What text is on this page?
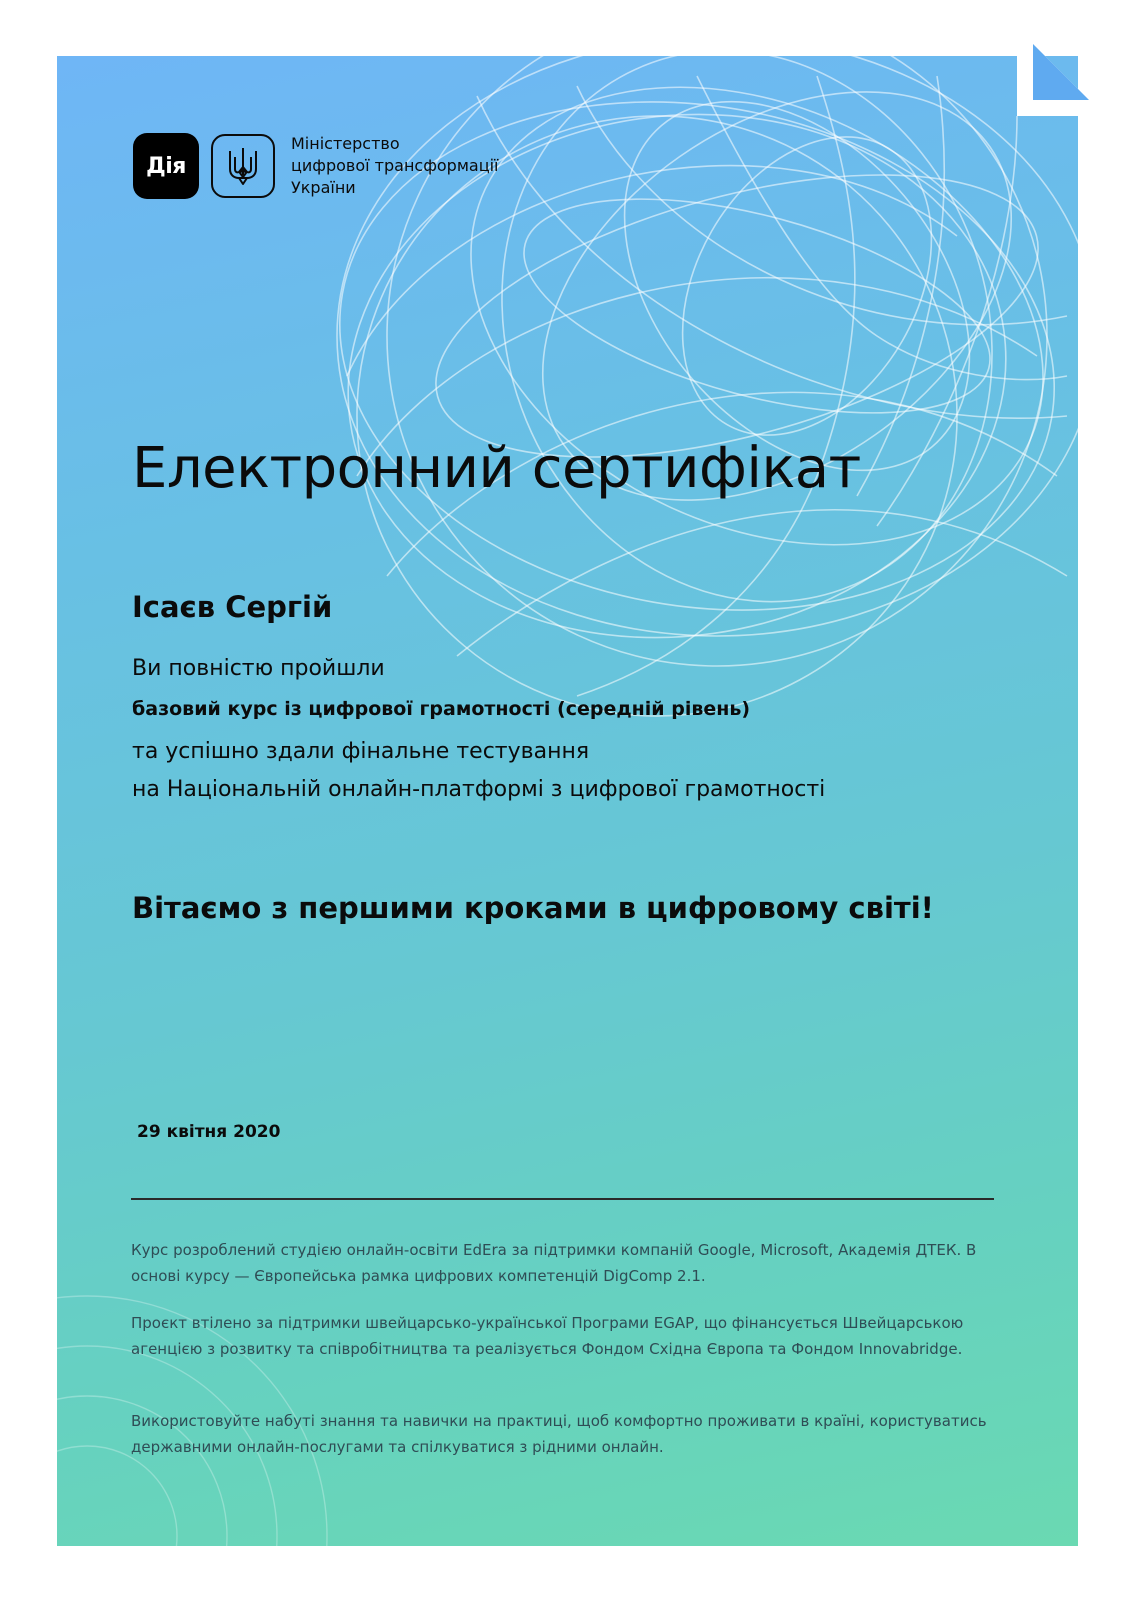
Дія
Міністерство
цифрової трансформації
України
Електронний сертифікат
Ісаєв Сергій
Ви повністю пройшли
базовий курс із цифрової грамотності (середній рівень)
та успішно здали фінальне тестування
на Національній онлайн-платформі з цифрової грамотності
Вітаємо з першими кроками в цифровому світі!
29 квітня 2020
Курс розроблений студією онлайн-освіти EdEra за підтримки компаній Google, Microsoft, Академія ДТЕК. В основі курсу — Європейська рамка цифрових компетенцій DigComp 2.1.
Проєкт втілено за підтримки швейцарсько-української Програми EGAP, що фінансується Швейцарською агенцією з розвитку та співробітництва та реалізується Фондом Східна Європа та Фондом Innovabridge.
Використовуйте набуті знання та навички на практиці, щоб комфортно проживати в країні, користуватись державними онлайн-послугами та спілкуватися з рідними онлайн.
